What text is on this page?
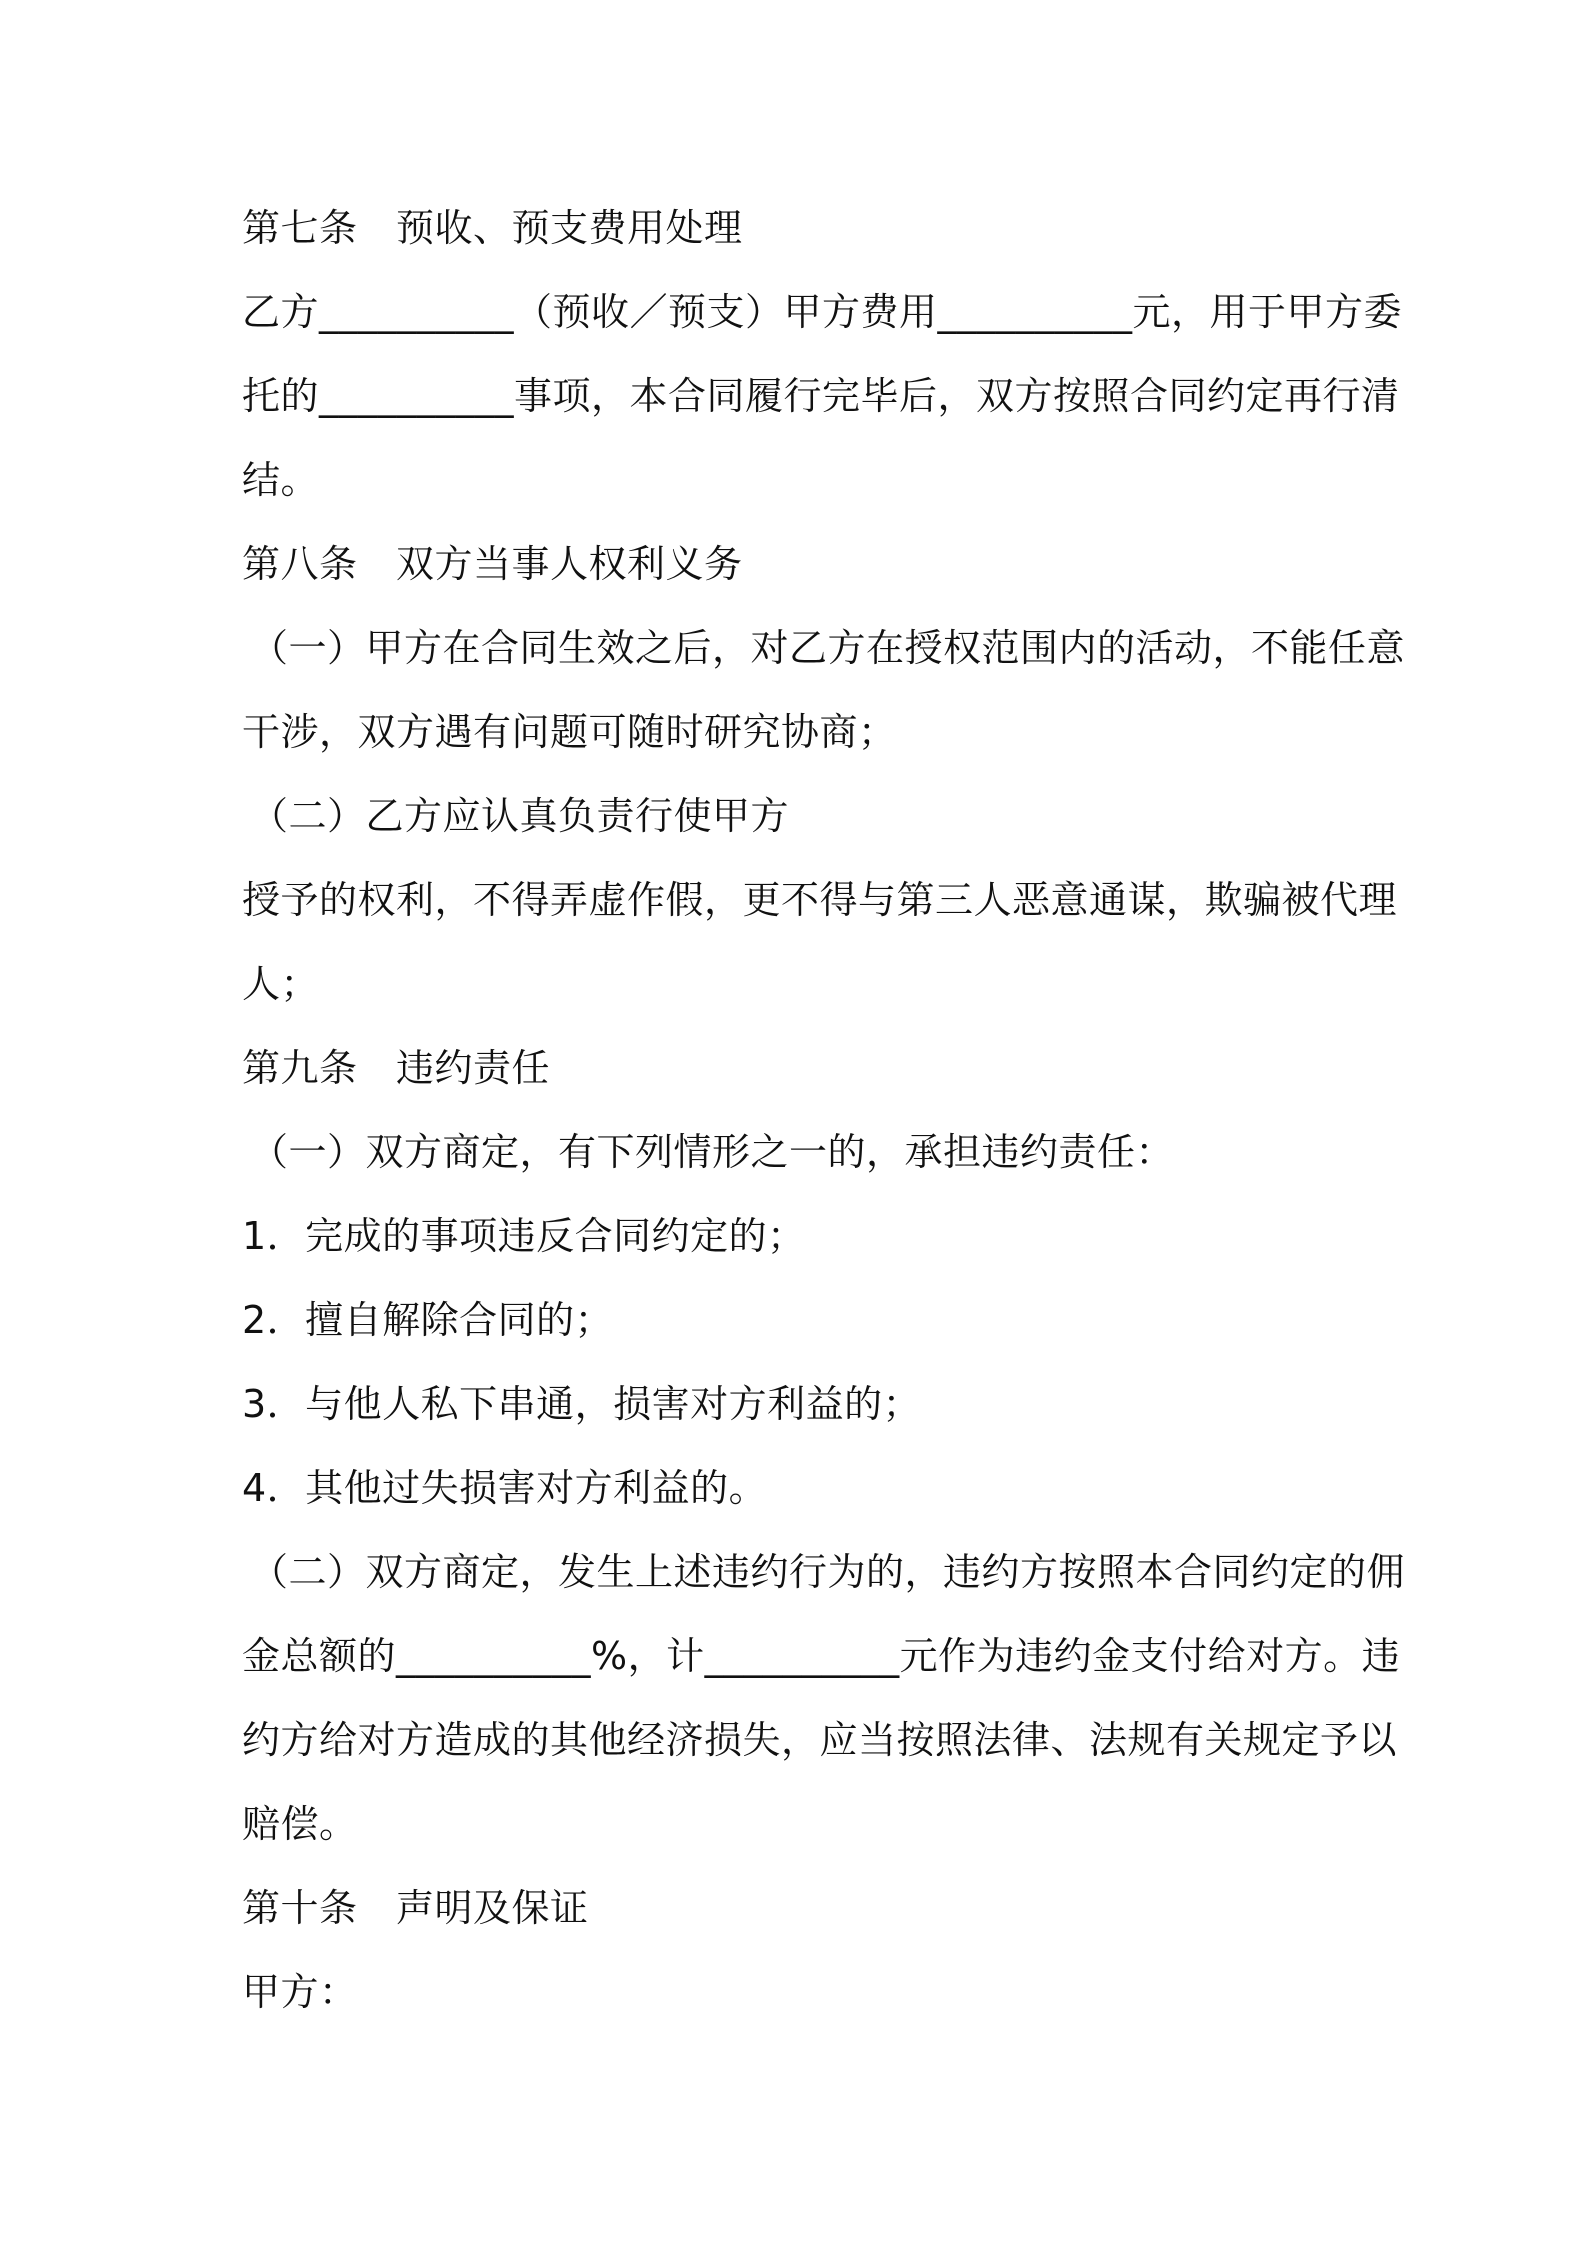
第七条　预收、预支费用处理
乙方__________（预收／预支）甲方费用__________元，用于甲方委
托的__________事项，本合同履行完毕后，双方按照合同约定再行清
结。
第八条　双方当事人权利义务
（一）甲方在合同生效之后，对乙方在授权范围内的活动，不能任意
干涉，双方遇有问题可随时研究协商；
（二）乙方应认真负责行使甲方
授予的权利，不得弄虚作假，更不得与第三人恶意通谋，欺骗被代理
人；
第九条　违约责任
（一）双方商定，有下列情形之一的，承担违约责任：
1．完成的事项违反合同约定的；
2．擅自解除合同的；
3．与他人私下串通，损害对方利益的；
4．其他过失损害对方利益的。
（二）双方商定，发生上述违约行为的，违约方按照本合同约定的佣
金总额的__________%，计__________元作为违约金支付给对方。违
约方给对方造成的其他经济损失，应当按照法律、法规有关规定予以
赔偿。
第十条　声明及保证
甲方：
